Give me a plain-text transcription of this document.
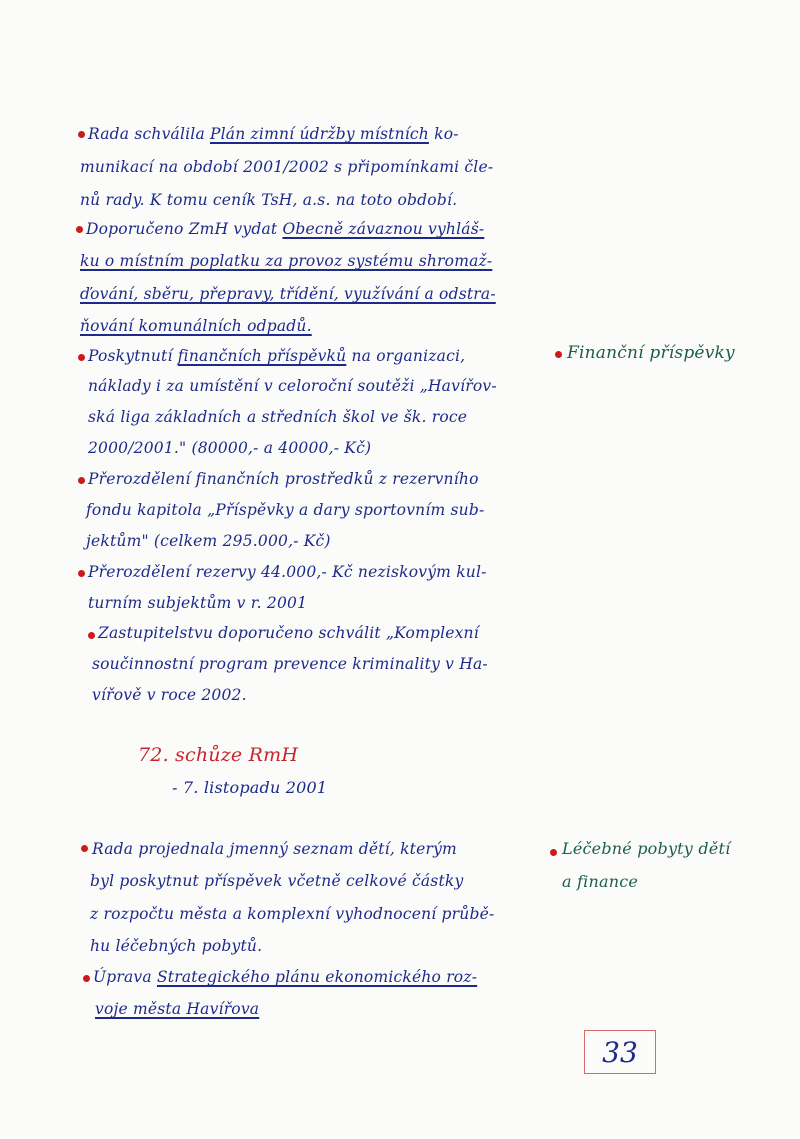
Rada schválila Plán zimní údržby místních ko-
munikací na období 2001/2002 s připomínkami čle-
nů rady. K tomu ceník TsH, a.s. na toto období.
Doporučeno ZmH vydat Obecně závaznou vyhláš-
ku o místním poplatku za provoz systému shromaž-
ďování, sběru, přepravy, třídění, využívání a odstra-
ňování komunálních odpadů.
Poskytnutí finančních příspěvků na organizaci,
náklady i za umístění v celoroční soutěži „Havířov-
ská liga základních a středních škol ve šk. roce
2000/2001." (80000,- a 40000,- Kč)
Finanční příspěvky
Přerozdělení finančních prostředků z rezervního
fondu kapitola „Příspěvky a dary sportovním sub-
jektům" (celkem 295.000,- Kč)
Přerozdělení rezervy 44.000,- Kč neziskovým kul-
turním subjektům v r. 2001
Zastupitelstvu doporučeno schválit „Komplexní
součinnostní program prevence kriminality v Ha-
vířově v roce 2002.
72. schůze RmH
- 7. listopadu 2001
Rada projednala jmenný seznam dětí, kterým
byl poskytnut příspěvek včetně celkové částky
z rozpočtu města a komplexní vyhodnocení průbě-
hu léčebných pobytů.
Léčebné pobyty dětí
a finance
Úprava Strategického plánu ekonomického roz-
voje města Havířova
33
